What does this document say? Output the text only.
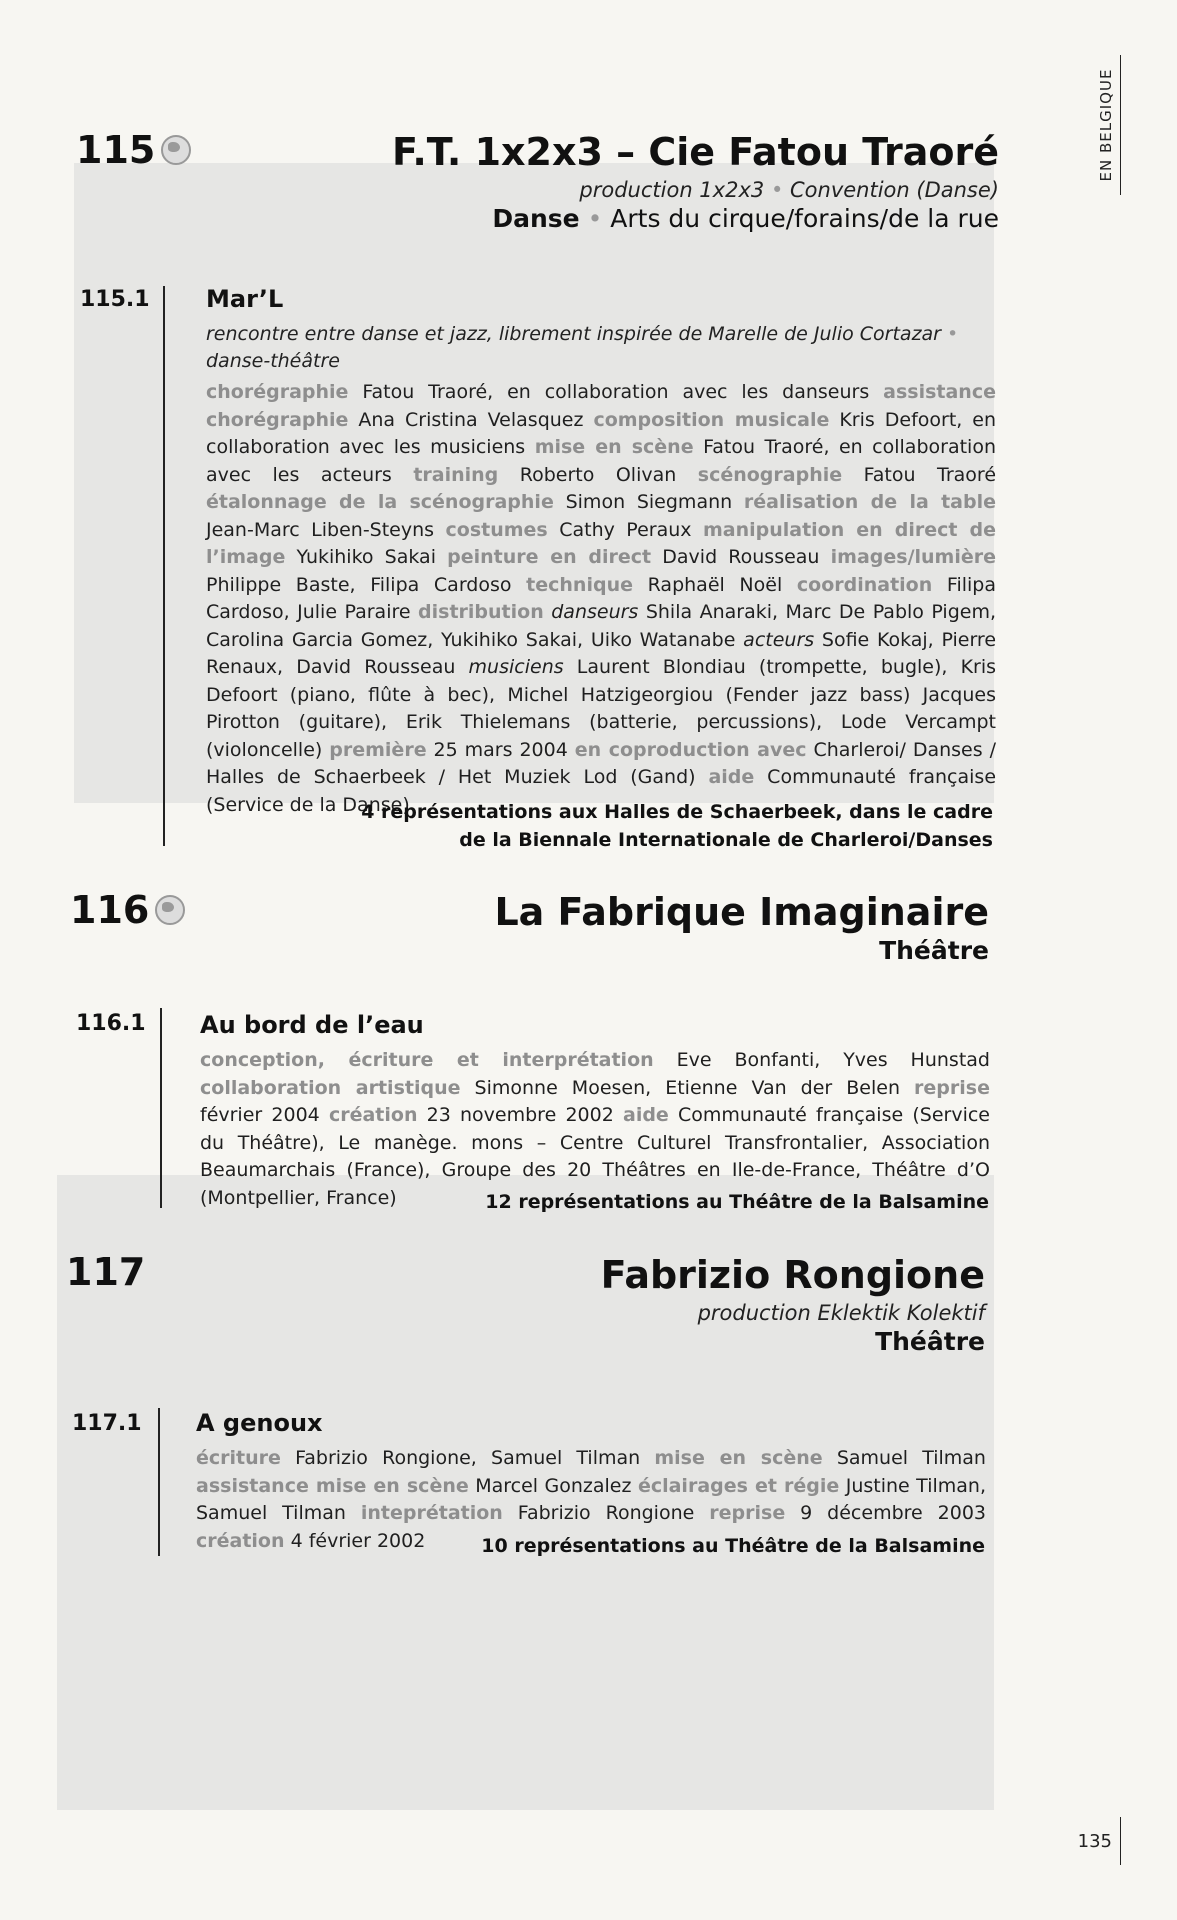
EN BELGIQUE
115	F.T. 1x2x3 – Cie Fatou Traoré
production 1x2x3 • Convention (Danse)
Danse • Arts du cirque/forains/de la rue
115.1 Mar’L
rencontre entre danse et jazz, librement inspirée de Marelle de Julio Cortazar • danse-théâtre
chorégraphie Fatou Traoré, en collaboration avec les danseurs assistance chorégraphie Ana Cristina Velasquez composition musicale Kris Defoort, en collaboration avec les musiciens mise en scène Fatou Traoré, en collaboration avec les acteurs training Roberto Olivan scénographie Fatou Traoré étalonnage de la scénographie Simon Siegmann réalisation de la table Jean-Marc Liben-Steyns costumes Cathy Peraux manipulation en direct de l’image Yukihiko Sakai peinture en direct David Rousseau images/lumière Philippe Baste, Filipa Cardoso technique Raphaël Noël coordination Filipa Cardoso, Julie Paraire distribution danseurs Shila Anaraki, Marc De Pablo Pigem, Carolina Garcia Gomez, Yukihiko Sakai, Uiko Watanabe acteurs Sofie Kokaj, Pierre Renaux, David Rousseau musiciens Laurent Blondiau (trompette, bugle), Kris Defoort (piano, flûte à bec), Michel Hatzigeorgiou (Fender jazz bass) Jacques Pirotton (guitare), Erik Thielemans (batterie, percussions), Lode Vercampt (violoncelle) première 25 mars 2004 en coproduction avec Charleroi/ Danses / Halles de Schaerbeek / Het Muziek Lod (Gand) aide Communauté française (Service de la Danse)
4 représentations aux Halles de Schaerbeek, dans le cadre
de la Biennale Internationale de Charleroi/Danses
116	La Fabrique Imaginaire
Théâtre
116.1 Au bord de l’eau
conception, écriture et interprétation Eve Bonfanti, Yves Hunstad collaboration artistique Simonne Moesen, Etienne Van der Belen reprise février 2004 création 23 novembre 2002 aide Communauté française (Service du Théâtre), Le manège. mons – Centre Culturel Transfrontalier, Association Beaumarchais (France), Groupe des 20 Théâtres en Ile-de-France, Théâtre d’O (Montpellier, France)	12 représentations au Théâtre de la Balsamine
117	Fabrizio Rongione
production Eklektik Kolektif
Théâtre
117.1 A genoux
écriture Fabrizio Rongione, Samuel Tilman mise en scène Samuel Tilman assistance mise en scène Marcel Gonzalez éclairages et régie Justine Tilman, Samuel Tilman inteprétation Fabrizio Rongione reprise 9 décembre 2003 création 4 février 2002	10 représentations au Théâtre de la Balsamine
135
